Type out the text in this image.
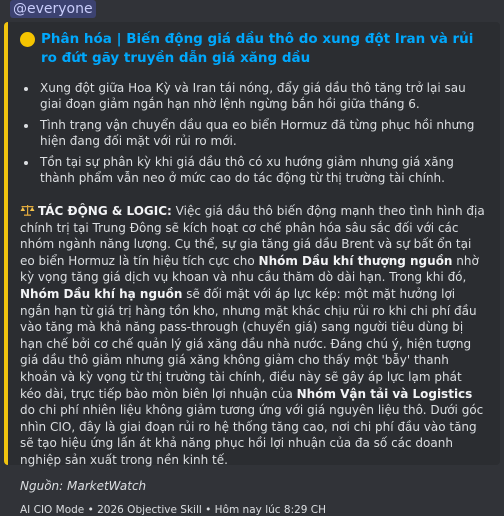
@everyone
Phân hóa | Biến động giá dầu thô do xung đột Iran và rủi ro đứt gãy truyền dẫn giá xăng dầu
• Xung đột giữa Hoa Kỳ và Iran tái nóng, đẩy giá dầu thô tăng trở lại sau giai đoạn giảm ngắn hạn nhờ lệnh ngừng bắn hồi giữa tháng 6.
• Tình trạng vận chuyển dầu qua eo biển Hormuz đã từng phục hồi nhưng hiện đang đối mặt với rủi ro mới.
• Tồn tại sự phân kỳ khi giá dầu thô có xu hướng giảm nhưng giá xăng thành phẩm vẫn neo ở mức cao do tác động từ thị trường tài chính.
TÁC ĐỘNG & LOGIC: Việc giá dầu thô biến động mạnh theo tình hình địa chính trị tại Trung Đông sẽ kích hoạt cơ chế phân hóa sâu sắc đối với các nhóm ngành năng lượng. Cụ thể, sự gia tăng giá dầu Brent và sự bất ổn tại eo biển Hormuz là tín hiệu tích cực cho Nhóm Dầu khí thượng nguồn nhờ kỳ vọng tăng giá dịch vụ khoan và nhu cầu thăm dò dài hạn. Trong khi đó, Nhóm Dầu khí hạ nguồn sẽ đối mặt với áp lực kép: một mặt hưởng lợi ngắn hạn từ giá trị hàng tồn kho, nhưng mặt khác chịu rủi ro khi chi phí đầu vào tăng mà khả năng pass-through (chuyển giá) sang người tiêu dùng bị hạn chế bởi cơ chế quản lý giá xăng dầu nhà nước. Đáng chú ý, hiện tượng giá dầu thô giảm nhưng giá xăng không giảm cho thấy một 'bẫy' thanh khoản và kỳ vọng từ thị trường tài chính, điều này sẽ gây áp lực lạm phát kéo dài, trực tiếp bào mòn biên lợi nhuận của Nhóm Vận tải và Logistics do chi phí nhiên liệu không giảm tương ứng với giá nguyên liệu thô. Dưới góc nhìn CIO, đây là giai đoạn rủi ro hệ thống tăng cao, nơi chi phí đầu vào tăng sẽ tạo hiệu ứng lấn át khả năng phục hồi lợi nhuận của đa số các doanh nghiệp sản xuất trong nền kinh tế.
Nguồn: MarketWatch
AI CIO Mode • 2026 Objective Skill • Hôm nay lúc 8:29 CH
